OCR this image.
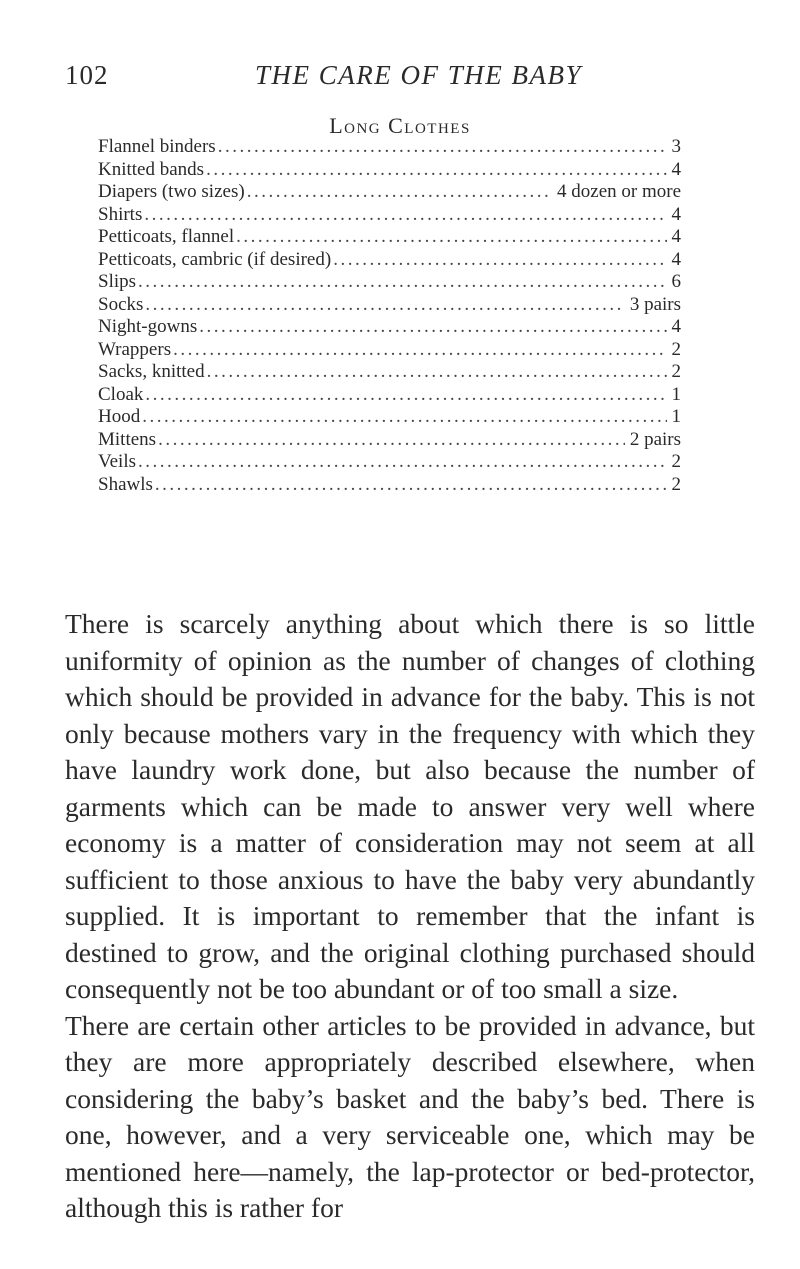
102	THE CARE OF THE BABY
Long Clothes
Flannel binders .....	3
Knitted bands .....	4
Diapers (two sizes) .....	4 dozen or more
Shirts .....	4
Petticoats, flannel .....	4
Petticoats, cambric (if desired) .....	4
Slips .....	6
Socks .....	3 pairs
Night-gowns .....	4
Wrappers .....	2
Sacks, knitted .....	2
Cloak .....	1
Hood .....	1
Mittens .....	2 pairs
Veils .....	2
Shawls .....	2

There is scarcely anything about which there is so little uniformity of opinion as the number of changes of clothing which should be provided in advance for the baby. This is not only because mothers vary in the frequency with which they have laundry work done, but also because the number of garments which can be made to answer very well where economy is a matter of consideration may not seem at all sufficient to those anxious to have the baby very abundantly supplied. It is important to remember that the infant is destined to grow, and the original clothing purchased should consequently not be too abundant or of too small a size.

There are certain other articles to be provided in advance, but they are more appropriately described elsewhere, when considering the baby’s basket and the baby’s bed. There is one, however, and a very serviceable one, which may be mentioned here—namely, the lap-protector or bed-protector, although this is rather for
